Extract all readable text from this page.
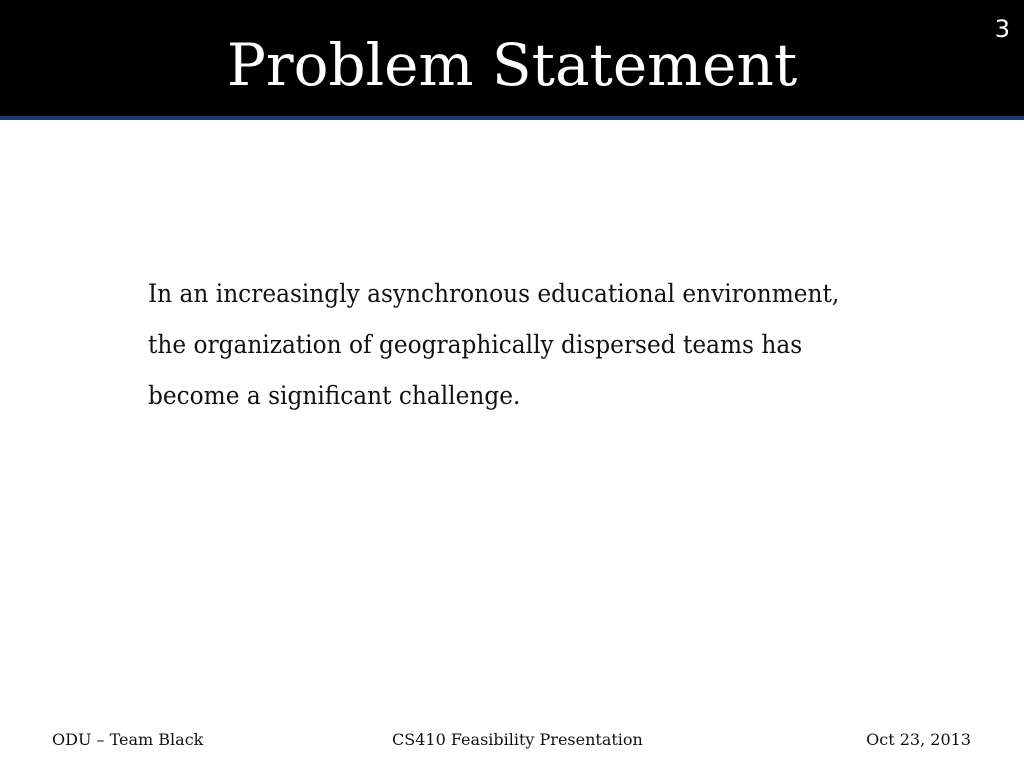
Problem Statement
3
In an increasingly asynchronous educational environment,
the organization of geographically dispersed teams has
become a significant challenge.
ODU – Team Black	CS410 Feasibility Presentation	Oct 23, 2013
